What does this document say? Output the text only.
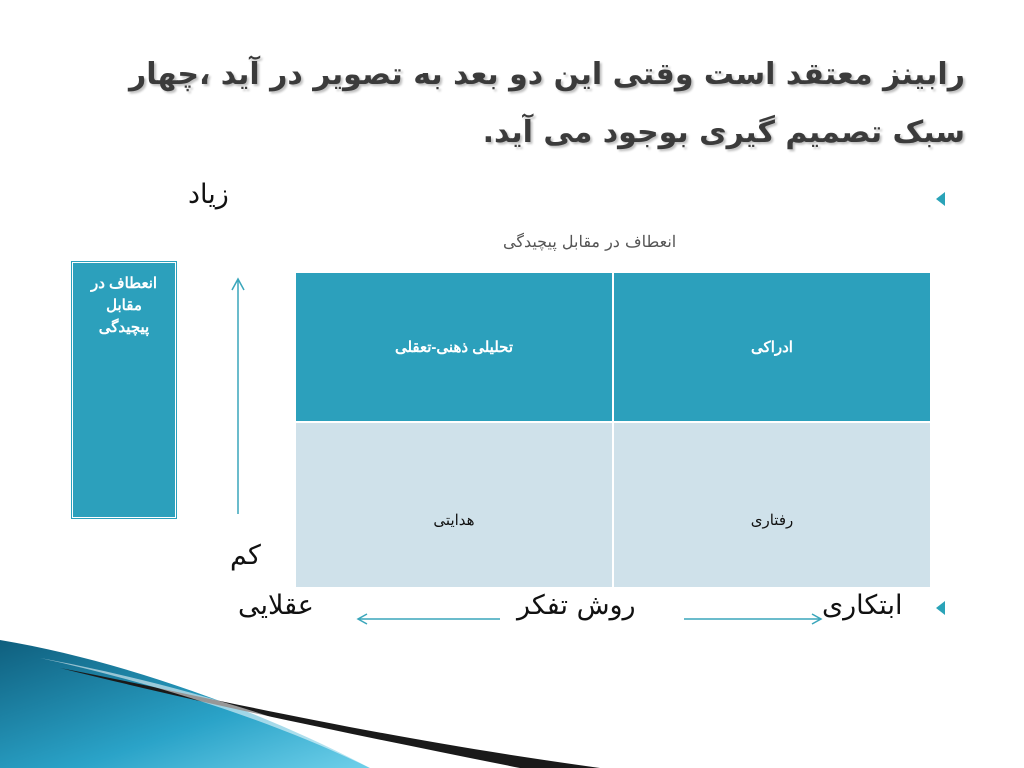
رابینز معتقد است وقتی این دو بعد به تصویر در آید ،چهار سبک تصمیم گیری بوجود می آید.
زیاد
انعطاف در مقابل پیچیدگی
انعطاف در مقابل پیچیدگی
ادراکی	تحلیلی ذهنی-تعقلی
رفتاری	هدایتی
کم
ابتکاری
روش تفکر
عقلایی
